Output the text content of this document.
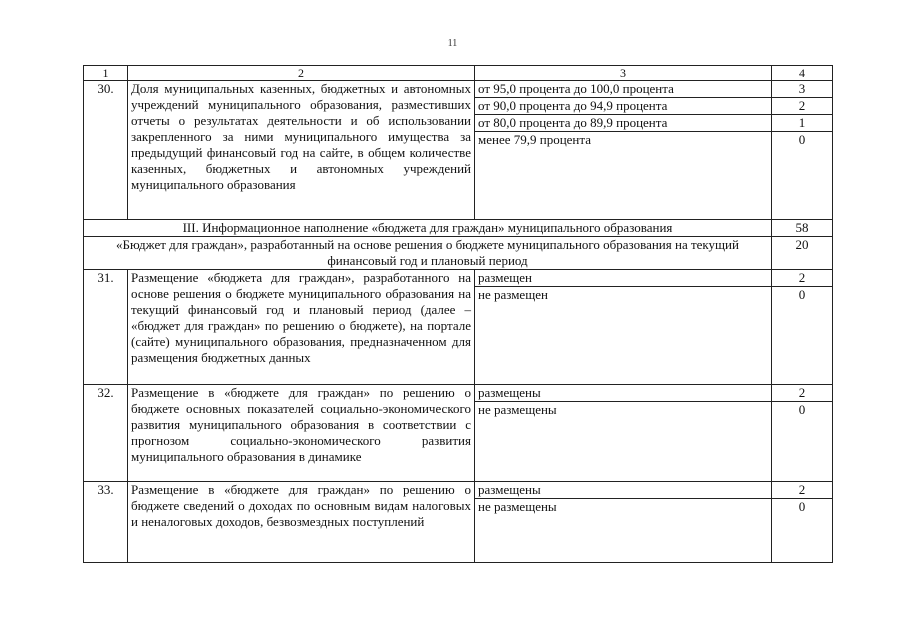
11
1	2	3	4
30.	Доля муниципальных казенных, бюджетных и автономных учреждений муниципального образования, разместивших отчеты о результатах деятельности и об использовании закрепленного за ними муниципального имущества за предыдущий финансовый год на сайте, в общем количестве казенных, бюджетных и автономных учреждений муниципального образования	от 95,0 процента до 100,0 процента	3
		от 90,0 процента до 94,9 процента	2
		от 80,0 процента до 89,9 процента	1
		менее 79,9 процента	0
III. Информационное наполнение «бюджета для граждан» муниципального образования			58
«Бюджет для граждан», разработанный на основе решения о бюджете муниципального образования на текущий финансовый год и плановый период			20
31.	Размещение «бюджета для граждан», разработанного на основе решения о бюджете муниципального образования на текущий финансовый год и плановый период (далее – «бюджет для граждан» по решению о бюджете), на портале (сайте) муниципального образования, предназначенном для размещения бюджетных данных	размещен	2
		не размещен	0
32.	Размещение в «бюджете для граждан» по решению о бюджете основных показателей социально-экономического развития муниципального образования в соответствии с прогнозом социально-экономического развития муниципального образования в динамике	размещены	2
		не размещены	0
33.	Размещение в «бюджете для граждан» по решению о бюджете сведений о доходах по основным видам налоговых и неналоговых доходов, безвозмездных поступлений	размещены	2
		не размещены	0
